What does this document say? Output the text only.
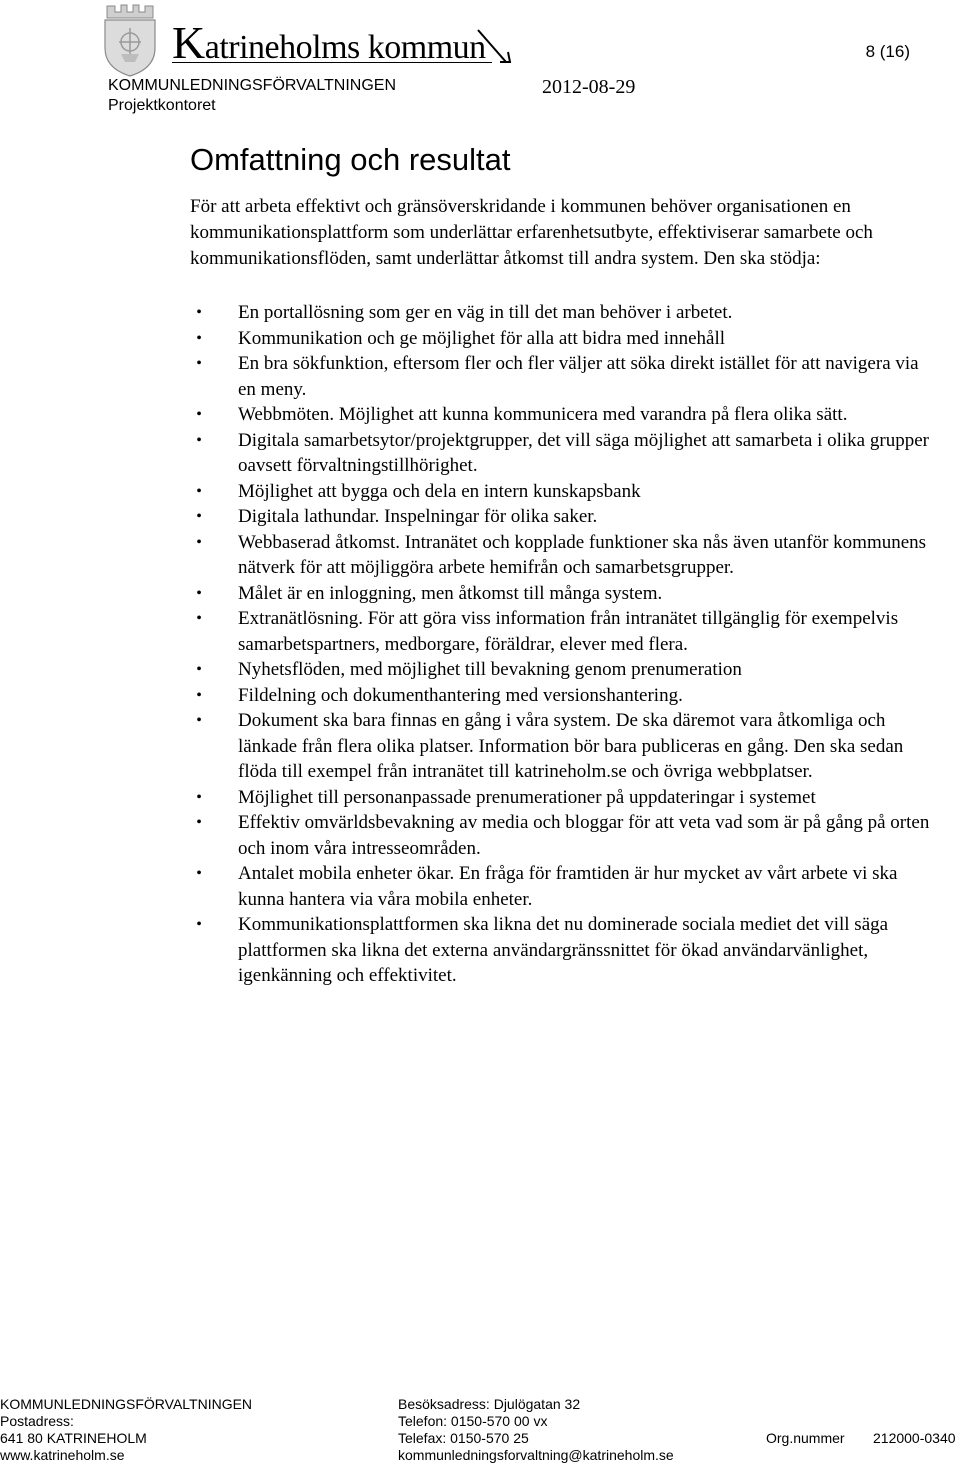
Katrineholms kommun	8 (16)
KOMMUNLEDNINGSFÖRVALTNINGEN	2012-08-29
Projektkontoret
Omfattning och resultat

För att arbeta effektivt och gränsöverskridande i kommunen behöver organisationen en kommunikationsplattform som underlättar erfarenhetsutbyte, effektiviserar samarbete och kommunikationsflöden, samt underlättar åtkomst till andra system. Den ska stödja:

•	En portallösning som ger en väg in till det man behöver i arbetet.
•	Kommunikation och ge möjlighet för alla att bidra med innehåll
•	En bra sökfunktion, eftersom fler och fler väljer att söka direkt istället för att navigera via en meny.
•	Webbmöten. Möjlighet att kunna kommunicera med varandra på flera olika sätt.
•	Digitala samarbetsytor/projektgrupper, det vill säga möjlighet att samarbeta i olika grupper oavsett förvaltningstillhörighet.
•	Möjlighet att bygga och dela en intern kunskapsbank
•	Digitala lathundar. Inspelningar för olika saker.
•	Webbaserad åtkomst. Intranätet och kopplade funktioner ska nås även utanför kommunens nätverk för att möjliggöra arbete hemifrån och samarbetsgrupper.
•	Målet är en inloggning, men åtkomst till många system.
•	Extranätlösning. För att göra viss information från intranätet tillgänglig för exempelvis samarbetspartners, medborgare, föräldrar, elever med flera.
•	Nyhetsflöden, med möjlighet till bevakning genom prenumeration
•	Fildelning och dokumenthantering med versionshantering.
•	Dokument ska bara finnas en gång i våra system. De ska däremot vara åtkomliga och länkade från flera olika platser. Information bör bara publiceras en gång. Den ska sedan flöda till exempel från intranätet till katrineholm.se och övriga webbplatser.
•	Möjlighet till personanpassade prenumerationer på uppdateringar i systemet
•	Effektiv omvärldsbevakning av media och bloggar för att veta vad som är på gång på orten och inom våra intresseområden.
•	Antalet mobila enheter ökar. En fråga för framtiden är hur mycket av vårt arbete vi ska kunna hantera via våra mobila enheter.
•	Kommunikationsplattformen ska likna det nu dominerade sociala mediet det vill säga plattformen ska likna det externa användargränssnittet för ökad användarvänlighet, igenkänning och effektivitet.
KOMMUNLEDNINGSFÖRVALTNINGEN
Postadress:
641 80 KATRINEHOLM
www.katrineholm.se
Besöksadress: Djulögatan 32
Telefon: 0150-570 00 vx
Telefax: 0150-570 25
kommunledningsforvaltning@katrineholm.se
Org.nummer 212000-0340
